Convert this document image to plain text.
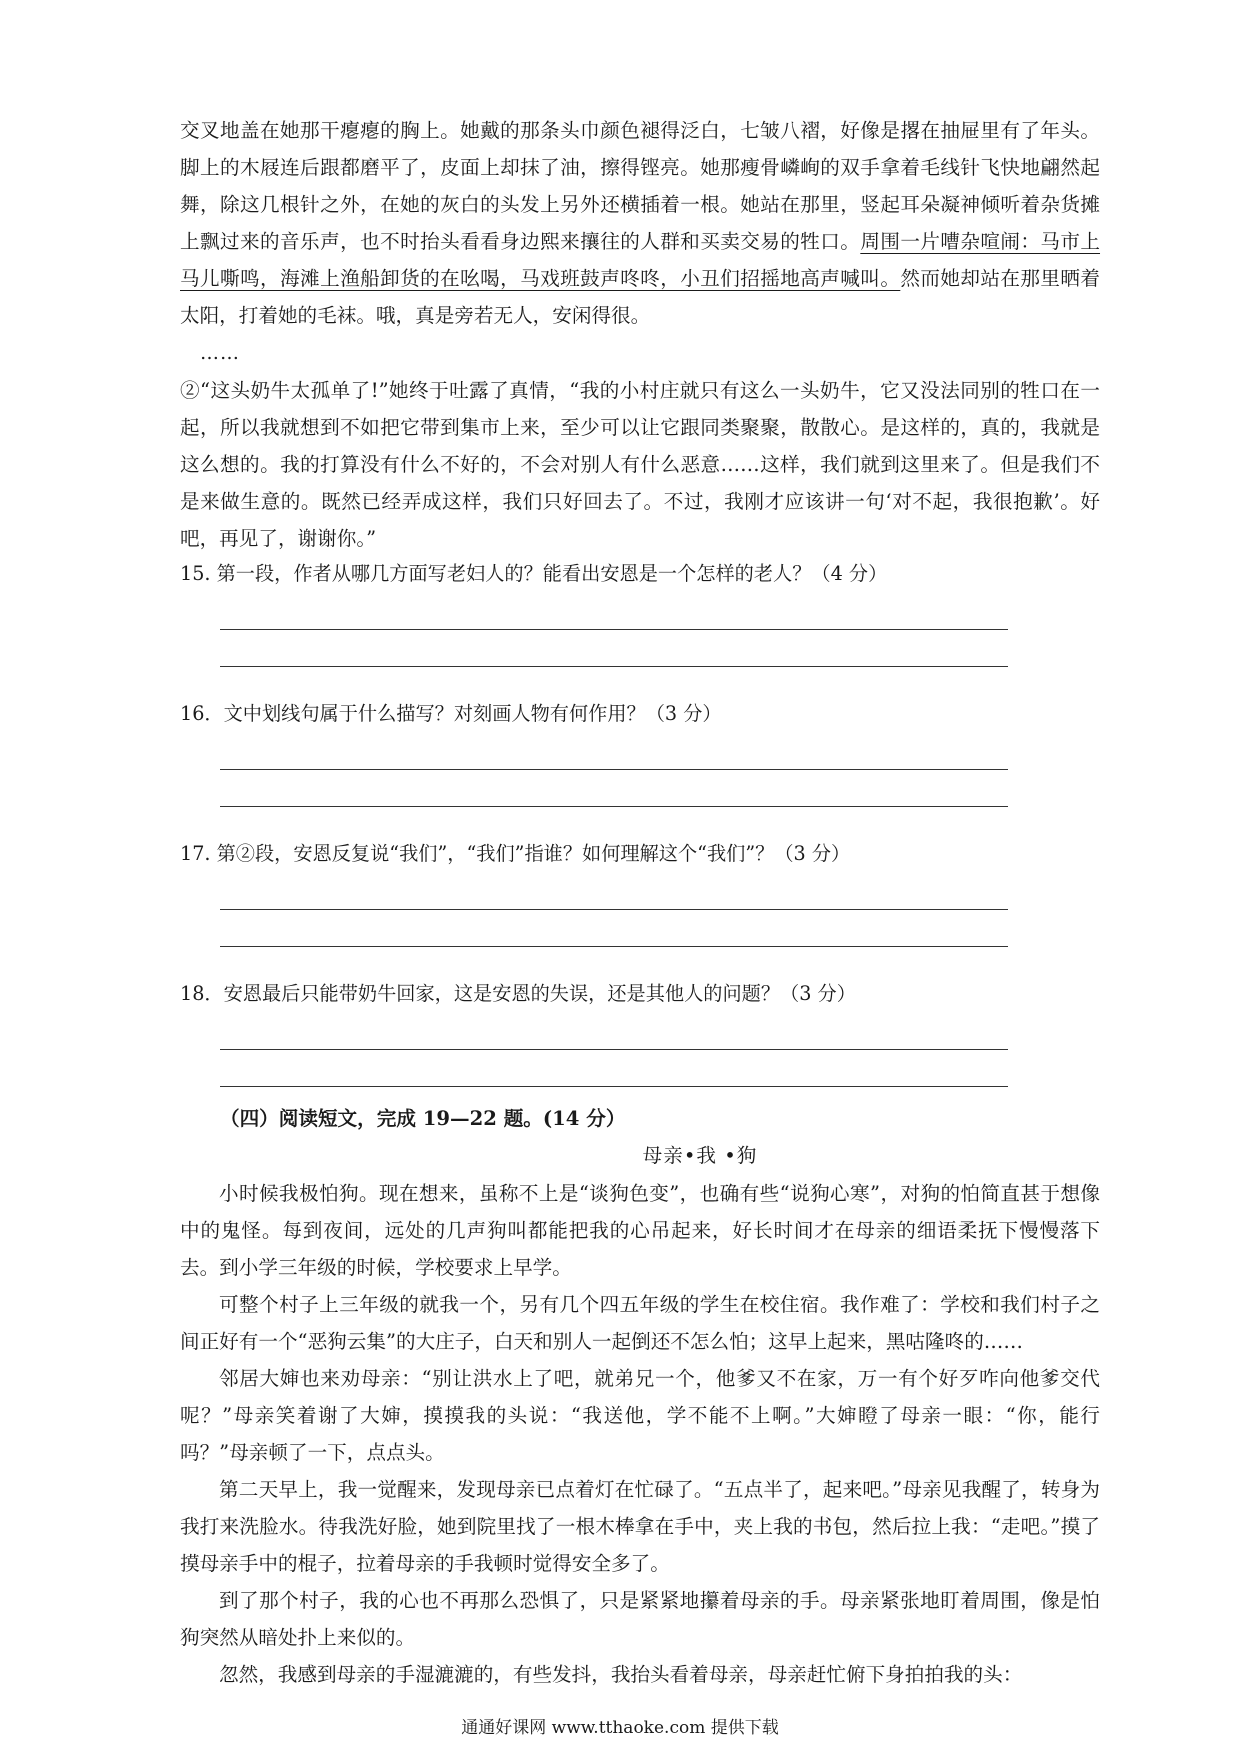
交叉地盖在她那干瘪瘪的胸上。她戴的那条头巾颜色褪得泛白，七皱八褶，好像是撂在抽屉里有了年头。脚上的木屐连后跟都磨平了，皮面上却抹了油，擦得铿亮。她那瘦骨嶙峋的双手拿着毛线针飞快地翩然起舞，除这几根针之外，在她的灰白的头发上另外还横插着一根。她站在那里，竖起耳朵凝神倾听着杂货摊上飘过来的音乐声，也不时抬头看看身边熙来攘往的人群和买卖交易的牲口。周围一片嘈杂喧闹：马市上马儿嘶鸣，海滩上渔船卸货的在吆喝，马戏班鼓声咚咚，小丑们招摇地高声喊叫。然而她却站在那里晒着太阳，打着她的毛袜。哦，真是旁若无人，安闲得很。

……

②“这头奶牛太孤单了!”她终于吐露了真情，“我的小村庄就只有这么一头奶牛，它又没法同别的牲口在一起，所以我就想到不如把它带到集市上来，至少可以让它跟同类聚聚，散散心。是这样的，真的，我就是这么想的。我的打算没有什么不好的，不会对别人有什么恶意……这样，我们就到这里来了。但是我们不是来做生意的。既然已经弄成这样，我们只好回去了。不过，我刚才应该讲一句‘对不起，我很抱歉’。好吧，再见了，谢谢你。”

15. 第一段，作者从哪几方面写老妇人的？能看出安恩是一个怎样的老人？（4 分）

16．文中划线句属于什么描写？对刻画人物有何作用？（3 分）

17. 第②段，安恩反复说“我们”，“我们”指谁？如何理解这个“我们”？（3 分）

18．安恩最后只能带奶牛回家，这是安恩的失误，还是其他人的问题？（3 分）

（四）阅读短文，完成 19—22 题。(14 分）

母亲•我 •狗

小时候我极怕狗。现在想来，虽称不上是“谈狗色变”，也确有些“说狗心寒”，对狗的怕简直甚于想像中的鬼怪。每到夜间，远处的几声狗叫都能把我的心吊起来，好长时间才在母亲的细语柔抚下慢慢落下去。到小学三年级的时候，学校要求上早学。

可整个村子上三年级的就我一个，另有几个四五年级的学生在校住宿。我作难了：学校和我们村子之间正好有一个“恶狗云集”的大庄子，白天和别人一起倒还不怎么怕；这早上起来，黑咕隆咚的……

邻居大婶也来劝母亲：“别让洪水上了吧，就弟兄一个，他爹又不在家，万一有个好歹咋向他爹交代呢？”母亲笑着谢了大婶，摸摸我的头说：“我送他，学不能不上啊。”大婶瞪了母亲一眼：“你，能行吗？”母亲顿了一下，点点头。

第二天早上，我一觉醒来，发现母亲已点着灯在忙碌了。“五点半了，起来吧。”母亲见我醒了，转身为我打来洗脸水。待我洗好脸，她到院里找了一根木棒拿在手中，夹上我的书包，然后拉上我：“走吧。”摸了摸母亲手中的棍子，拉着母亲的手我顿时觉得安全多了。

到了那个村子，我的心也不再那么恐惧了，只是紧紧地攥着母亲的手。母亲紧张地盯着周围，像是怕狗突然从暗处扑上来似的。

忽然，我感到母亲的手湿漉漉的，有些发抖，我抬头看着母亲，母亲赶忙俯下身拍拍我的头：

通通好课网 www.tthaoke.com 提供下载
